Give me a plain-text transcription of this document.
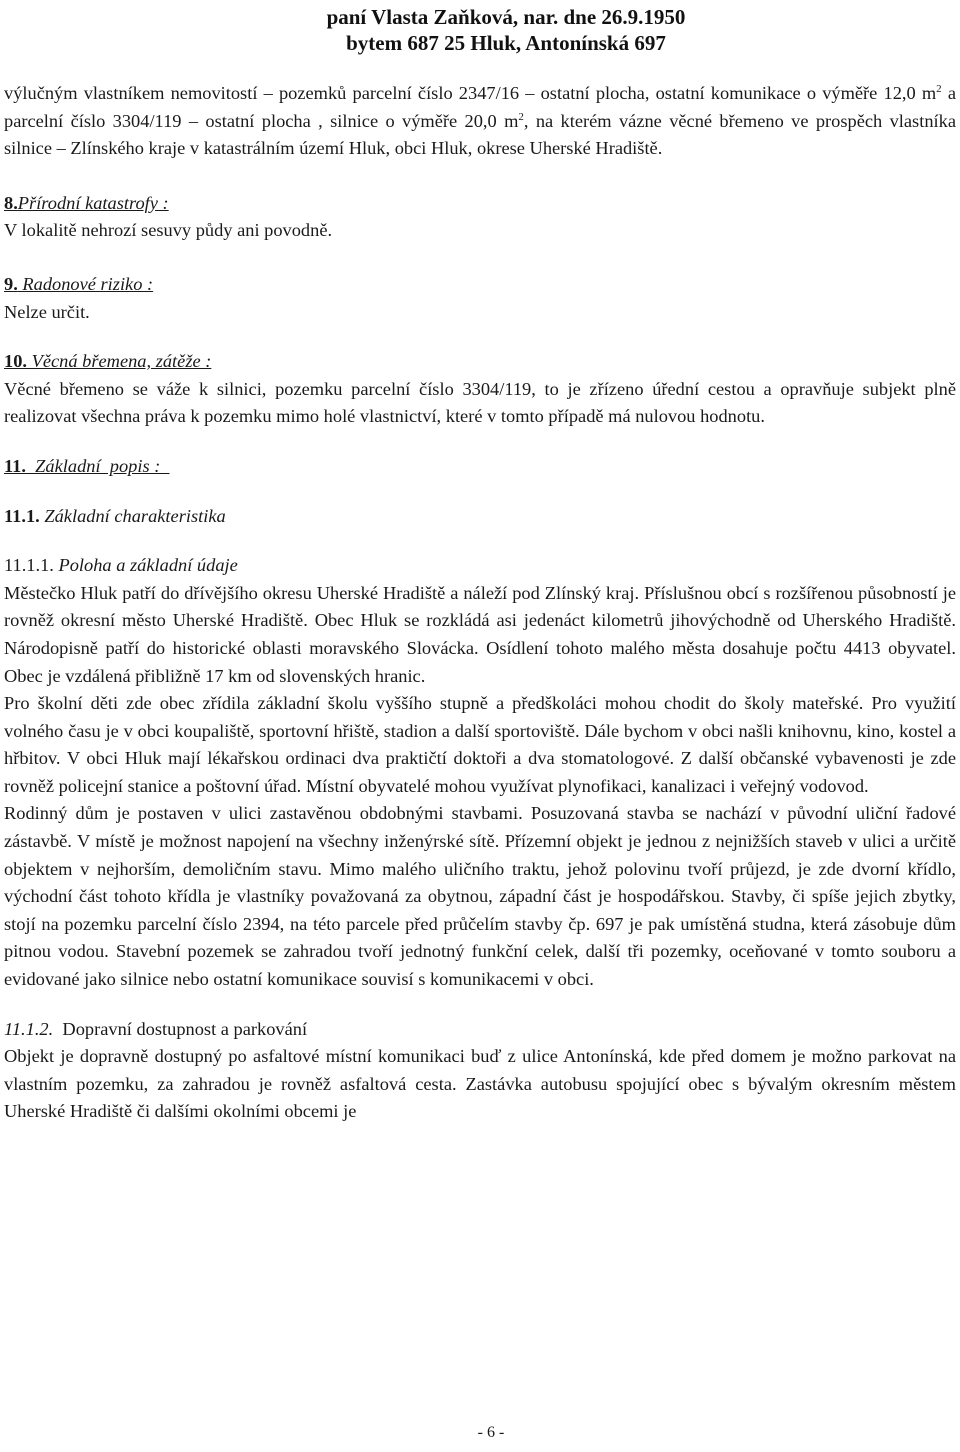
paní Vlasta Zaňková, nar. dne 26.9.1950
bytem 687 25 Hluk, Antonínská 697

výlučným vlastníkem nemovitostí – pozemků parcelní číslo 2347/16 – ostatní plocha, ostatní komunikace o výměře 12,0 $m^2$ a parcelní číslo 3304/119 – ostatní plocha , silnice o výměře 20,0 $m^2$, na kterém vázne věcné břemeno ve prospěch vlastníka silnice – Zlínského kraje v katastrálním území Hluk, obci Hluk, okrese Uherské Hradiště.

8.Přírodní katastrofy :

V lokalitě nehrozí sesuvy půdy ani povodně.

9. Radonové riziko :

Nelze určit.

10. Věcná břemena, zátěže :

Věcné břemeno se váže k silnici, pozemku parcelní číslo 3304/119, to je zřízeno úřední cestou a opravňuje subjekt plně realizovat všechna práva k pozemku mimo holé vlastnictví, které v tomto případě má nulovou hodnotu.

11.  Základní  popis :

11.1. Základní charakteristika

11.1.1. Poloha a základní údaje

Městečko Hluk patří do dřívějšího okresu Uherské Hradiště a náleží pod Zlínský kraj. Příslušnou obcí s rozšířenou působností je rovněž okresní město Uherské Hradiště. Obec Hluk se rozkládá asi jedenáct kilometrů jihovýchodně od Uherského Hradiště. Národopisně patří do historické oblasti moravského Slovácka. Osídlení tohoto malého města dosahuje počtu 4413 obyvatel. Obec je vzdálená přibližně 17 km od slovenských hranic.

Pro školní děti zde obec zřídila základní školu vyššího stupně a předškoláci mohou chodit do školy mateřské. Pro využití volného času je v obci koupaliště, sportovní hřiště, stadion a další sportoviště. Dále bychom v obci našli knihovnu, kino, kostel a hřbitov. V obci Hluk mají lékařskou ordinaci dva praktičtí doktoři a dva stomatologové. Z další občanské vybavenosti je zde rovněž policejní stanice a poštovní úřad. Místní obyvatelé mohou využívat plynofikaci, kanalizaci i veřejný vodovod.

Rodinný dům je postaven v ulici zastavěnou obdobnými stavbami. Posuzovaná stavba se nachází v původní uliční řadové zástavbě. V místě je možnost napojení na všechny inženýrské sítě. Přízemní objekt je jednou z nejnižších staveb v ulici a určitě objektem v nejhorším, demoličním stavu. Mimo malého uličního traktu, jehož polovinu tvoří průjezd, je zde dvorní křídlo, východní část tohoto křídla je vlastníky považovaná za obytnou, západní část je hospodářskou. Stavby, či spíše jejich zbytky, stojí na pozemku parcelní číslo 2394, na této parcele před průčelím stavby čp. 697 je pak umístěná studna, která zásobuje dům pitnou vodou. Stavební pozemek se zahradou tvoří jednotný funkční celek, další tři pozemky, oceňované v tomto souboru a evidované jako silnice nebo ostatní komunikace souvisí s komunikacemi v obci.

11.1.2.  Dopravní dostupnost a parkování

Objekt je dopravně dostupný po asfaltové místní komunikaci buď z ulice Antonínská, kde před domem je možno parkovat na vlastním pozemku, za zahradou je rovněž asfaltová cesta. Zastávka autobusu spojující obec s bývalým okresním městem Uherské Hradiště či dalšími okolními obcemi je

- 6 -
